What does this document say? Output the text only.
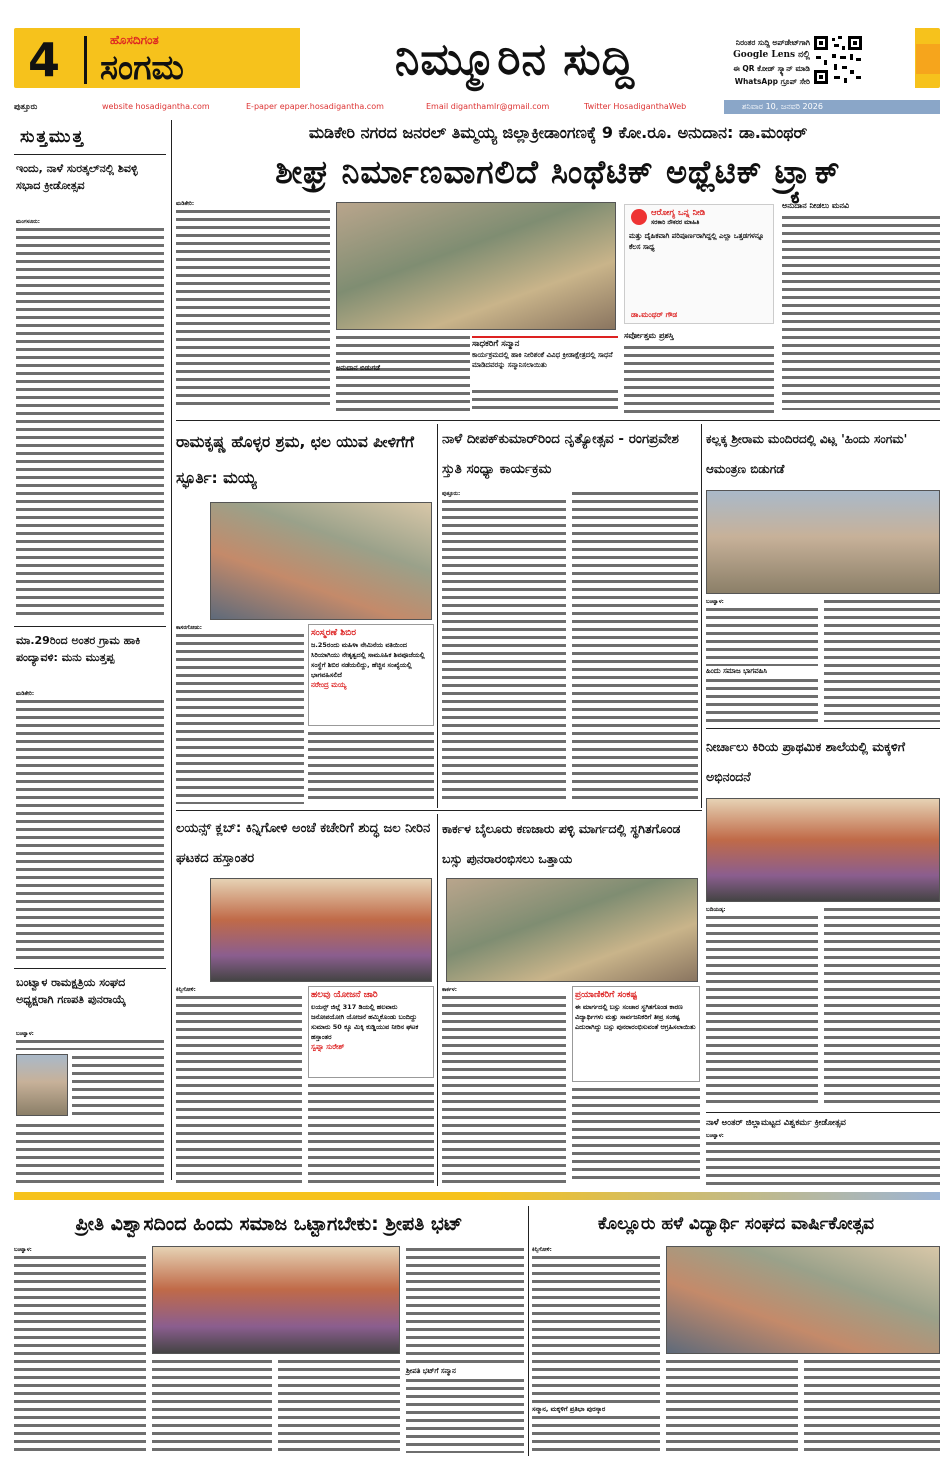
4	ಹೊಸದಿಗಂತ
ಸಂಗಮ	ನಿಮ್ಮೂರಿನ ಸುದ್ದಿ	ನಿರಂತರ ಸುದ್ದಿ ಅಪ್‌ಡೇಟ್‌ಗಾಗಿ
Google Lens ನಲ್ಲಿ
ಈ QR ಕೋಡ್ ಸ್ಕ್ಯಾನ್ ಮಾಡಿ
WhatsApp ಗ್ರೂಪ್ ಸೇರಿ
ಪುತ್ತೂರು	website hosadigantha.com	E-paper epaper.hosadigantha.com	Email diganthamlr@gmail.com	Twitter HosadiganthaWeb	ಶನಿವಾರ 10, ಜನವರಿ 2026
ಸುತ್ತಮುತ್ತ
ಇಂದು, ನಾಳೆ ಸುರತ್ಕಲ್‌ನಲ್ಲಿ ಶಿವಳ್ಳಿ ಸಭಾದ ಕ್ರೀಡೋತ್ಸವ
ಮಂಗಳೂರು:
ಮಾ.29ರಿಂದ ಅಂತರ ಗ್ರಾಮ ಹಾಕಿ ಪಂದ್ಯಾವಳಿ: ಮನು ಮುತ್ತಪ್ಪ
ಮಡಿಕೇರಿ:
ಬಂಟ್ವಾಳ ರಾಮಕ್ಷತ್ರಿಯ ಸಂಘದ ಅಧ್ಯಕ್ಷರಾಗಿ ಗಣಪತಿ ಪುನರಾಯ್ಕೆ
ಬಂಟ್ವಾಳ:
ಮಡಿಕೇರಿ ನಗರದ ಜನರಲ್ ತಿಮ್ಮಯ್ಯ ಜಿಲ್ಲಾಕ್ರೀಡಾಂಗಣಕ್ಕೆ 9 ಕೋ.ರೂ. ಅನುದಾನ: ಡಾ.ಮಂಥರ್
ಶೀಘ್ರ ನಿರ್ಮಾಣವಾಗಲಿದೆ ಸಿಂಥೆಟಿಕ್ ಅಥ್ಲೆಟಿಕ್ ಟ್ರ್ಯಾಕ್
ಮಡಿಕೇರಿ:
ಅನುದಾನ ಬಿಡುಗಡೆ
ಸಾಧಕರಿಗೆ ಸನ್ಮಾನ
ಕಾರ್ಯಕ್ರಮದಲ್ಲಿ ಹಾಕಿ ನೀರಿಶಂಕೆ ವಿವಿಧ ಕ್ರೀಡಾಕ್ಷೇತ್ರದಲ್ಲಿ ಸಾಧನೆ ಮಾಡಿದವರನ್ನು ಸನ್ಮಾನಿಸಲಾಯಿತು
ಆರೋಗ್ಯ ಒನ್ನ ನೀಡಿ
ಸರಕಾರಿ ನೌಕರರ ಮಾಹಿತಿ
ಮತ್ತು ದೈಹಿಕವಾಗಿ ಪರಿಪೂರ್ಣರಾಗಿದ್ದಲ್ಲಿ ಎಲ್ಲಾ ಒತ್ತಡಗಳನ್ನೂ ಕೆಲಸ ಸಾಧ್ಯ
ಡಾ.ಮಂಥರ್ ಗೌಡ
ಸರ್ವೋತ್ತಮ ಪ್ರಶಸ್ತಿ
ಅನುದಾನ ನೀಡಲು ಮನವಿ
ರಾಮಕೃಷ್ಣ ಹೊಳ್ಳರ ಶ್ರಮ, ಛಲ ಯುವ ಪೀಳಿಗೆಗೆ ಸ್ಫೂರ್ತಿ: ಮಯ್ಯ
ಕಾಸರಗೋಡು:	ಸಂಸ್ಮರಣೆ ಶಿಬಿರ
ಜ.25ರಂದು ಮಹಿಳಾ ನೇಮಿನೆಯ ವತಿಯಿಂದ ಸಿರಿಯಾಗಿಯು ನೇತೃತ್ವದಲ್ಲಿ ಸಾಮೂಹಿಕ ಶಿವಪೂಜೆಯಲ್ಲಿ ಸಂಸ್ಥೆಗೆ ಶಿಬಿರ ನಡೆಯಲಿದ್ದು, ಹೆಚ್ಚಿನ ಸಂಖ್ಯೆಯಲ್ಲಿ ಭಾಗವಹಿಸಲಿದೆ
ನರೇಂದ್ರ ಮಯ್ಯ
ನಾಳೆ ದೀಪಕ್‌ಕುಮಾರ್‌ರಿಂದ ನೃತ್ಯೋತ್ಸವ - ರಂಗಪ್ರವೇಶ ಸ್ತುತಿ ಸಂಧ್ಯಾ ಕಾರ್ಯಕ್ರಮ
ಪುತ್ತೂರು:
ಕಲ್ಲಕ್ಕ ಶ್ರೀರಾಮ ಮಂದಿರದಲ್ಲಿ ವಿಟ್ಲ 'ಹಿಂದು ಸಂಗಮ' ಆಮಂತ್ರಣ ಬಿಡುಗಡೆ
ಬಂಟ್ವಾಳ:
ಹಿಂದು ಸಮಾಜ ಭಾಗವಹಿಸಿ
ನೀರ್ಚಾಲು ಕಿರಿಯ ಪ್ರಾಥಮಿಕ ಶಾಲೆಯಲ್ಲಿ ಮಕ್ಕಳಿಗೆ ಅಭಿನಂದನೆ
ಬದಿಯಡ್ಕ:
ಲಯನ್ಸ್ ಕ್ಲಬ್: ಕಿನ್ನಿಗೋಳಿ ಅಂಚೆ ಕಚೇರಿಗೆ ಶುದ್ಧ ಜಲ ನೀರಿನ ಘಟಕದ ಹಸ್ತಾಂತರ
ಕಿನ್ನಿಗೋಳಿ:	ಹಲವು ಯೋಜನೆ ಜಾರಿ
ಲಯನ್ಸ್ ಜಿಲ್ಲೆ 317 ಡಿಯಲ್ಲಿ ಹಲವಾರು ಜನೋಪಯೋಗಿ ಯೋಜನೆ ಹಮ್ಮಿಕೊಂಡು ಬಂದಿದ್ದು ಸುಮಾರು 50 ಕ್ಕೂ ಮಿಕ್ಕಿ ಕುಡ್ಡಿಯುವ ನೀರಿನ ಘಟಕ ಹಸ್ತಾಂತರ
ಸ್ವಪ್ನಾ ಸುರೇಶ್
ಕಾರ್ಕಳ ಬೈಲೂರು ಕಣಜಾರು ಪಳ್ಳಿ ಮಾರ್ಗದಲ್ಲಿ ಸ್ಥಗಿತಗೊಂಡ ಬಸ್ಸು ಪುನರಾರಂಭಿಸಲು ಒತ್ತಾಯ
ಕಾರ್ಕಳ:	ಪ್ರಯಾಣಿಕರಿಗೆ ಸಂಕಷ್ಟ
ಈ ಮಾರ್ಗದಲ್ಲಿ ಬಸ್ಸು ಸಂಚಾರ ಸ್ಥಗಿತಗೊಂಡ ಕಾರಣ ವಿದ್ಯಾರ್ಥಿಗಳು ಮತ್ತು ಸಾರ್ವಜನಿಕರಿಗೆ ತೀವ್ರ ಸಂಕಷ್ಟ ಎದುರಾಗಿದ್ದು ಬಸ್ಸು ಪುನರಾರಂಭಿಸುವಂತೆ ಆಗ್ರಹಿಸಲಾಯಿತು
ನಾಳೆ ಅಂತರ್ ಜಿಲ್ಲಾಮಟ್ಟದ ವಿಶ್ವಕರ್ಮ ಕ್ರೀಡೋತ್ಸವ
ಬಂಟ್ವಾಳ:
ಪ್ರೀತಿ ವಿಶ್ವಾಸದಿಂದ ಹಿಂದು ಸಮಾಜ ಒಟ್ಟಾಗಬೇಕು: ಶ್ರೀಪತಿ ಭಟ್
ಬಂಟ್ವಾಳ:
ಶ್ರೀಪತಿ ಭಟ್‌ಗೆ ಸನ್ಮಾನ
ಕೊಲ್ಲೂರು ಹಳೆ ವಿದ್ಯಾರ್ಥಿ ಸಂಘದ ವಾರ್ಷಿಕೋತ್ಸವ
ಕಿನ್ನಿಗೋಳಿ:
ಸನ್ಮಾನ, ಮಕ್ಕಳಿಗೆ ಪ್ರತಿಭಾ ಪುರಸ್ಕಾರ
